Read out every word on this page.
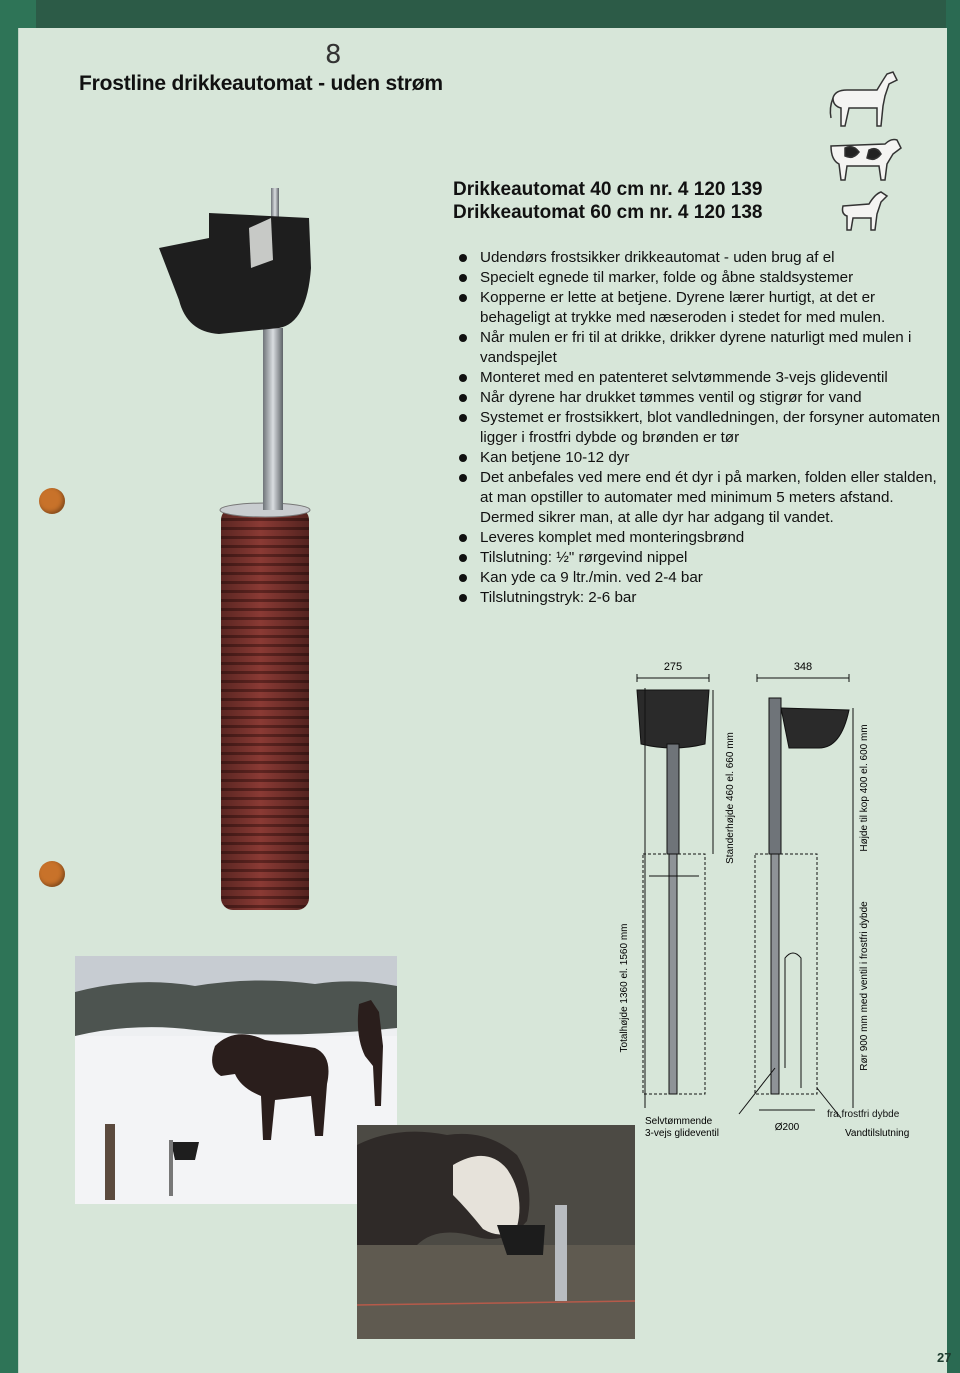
8
Frostline drikkeautomat - uden strøm
Drikkeautomat 40 cm nr. 4 120 139
Drikkeautomat 60 cm nr. 4 120 138
Udendørs frostsikker drikkeautomat - uden brug af el
Specielt egnede til marker, folde og åbne staldsystemer
Kopperne er lette at betjene. Dyrene lærer hurtigt, at det er behageligt at trykke med næseroden i stedet for med mulen.
Når mulen er fri til at drikke, drikker dyrene naturligt med mulen i vandspejlet
Monteret med en patenteret selvtømmende 3-vejs glideventil
Når dyrene har drukket tømmes ventil og stigrør for vand
Systemet er frostsikkert, blot vandledningen, der forsyner automaten ligger i frostfri dybde og brønden er tør
Kan betjene 10-12 dyr
Det anbefales ved mere end ét dyr i på marken, folden eller stalden, at man opstiller to automater med minimum 5 meters afstand. Dermed sikrer man, at alle dyr har adgang til vandet.
Leveres komplet med monteringsbrønd
Tilslutning: ½" rørgevind nippel
Kan yde ca 9 ltr./min. ved 2-4 bar
Tilslutningstryk: 2-6 bar
275	348
Totalhøjde 1360 el. 1560 mm
Standerhøjde 460 el. 660 mm	Højde til kop 400 el. 600 mm
Rør 900 mm med ventil i frostfri dybde
Selvtømmende
3-vejs glideventil
Ø200
Vandtilslutning
fra frostfri dybde
27
